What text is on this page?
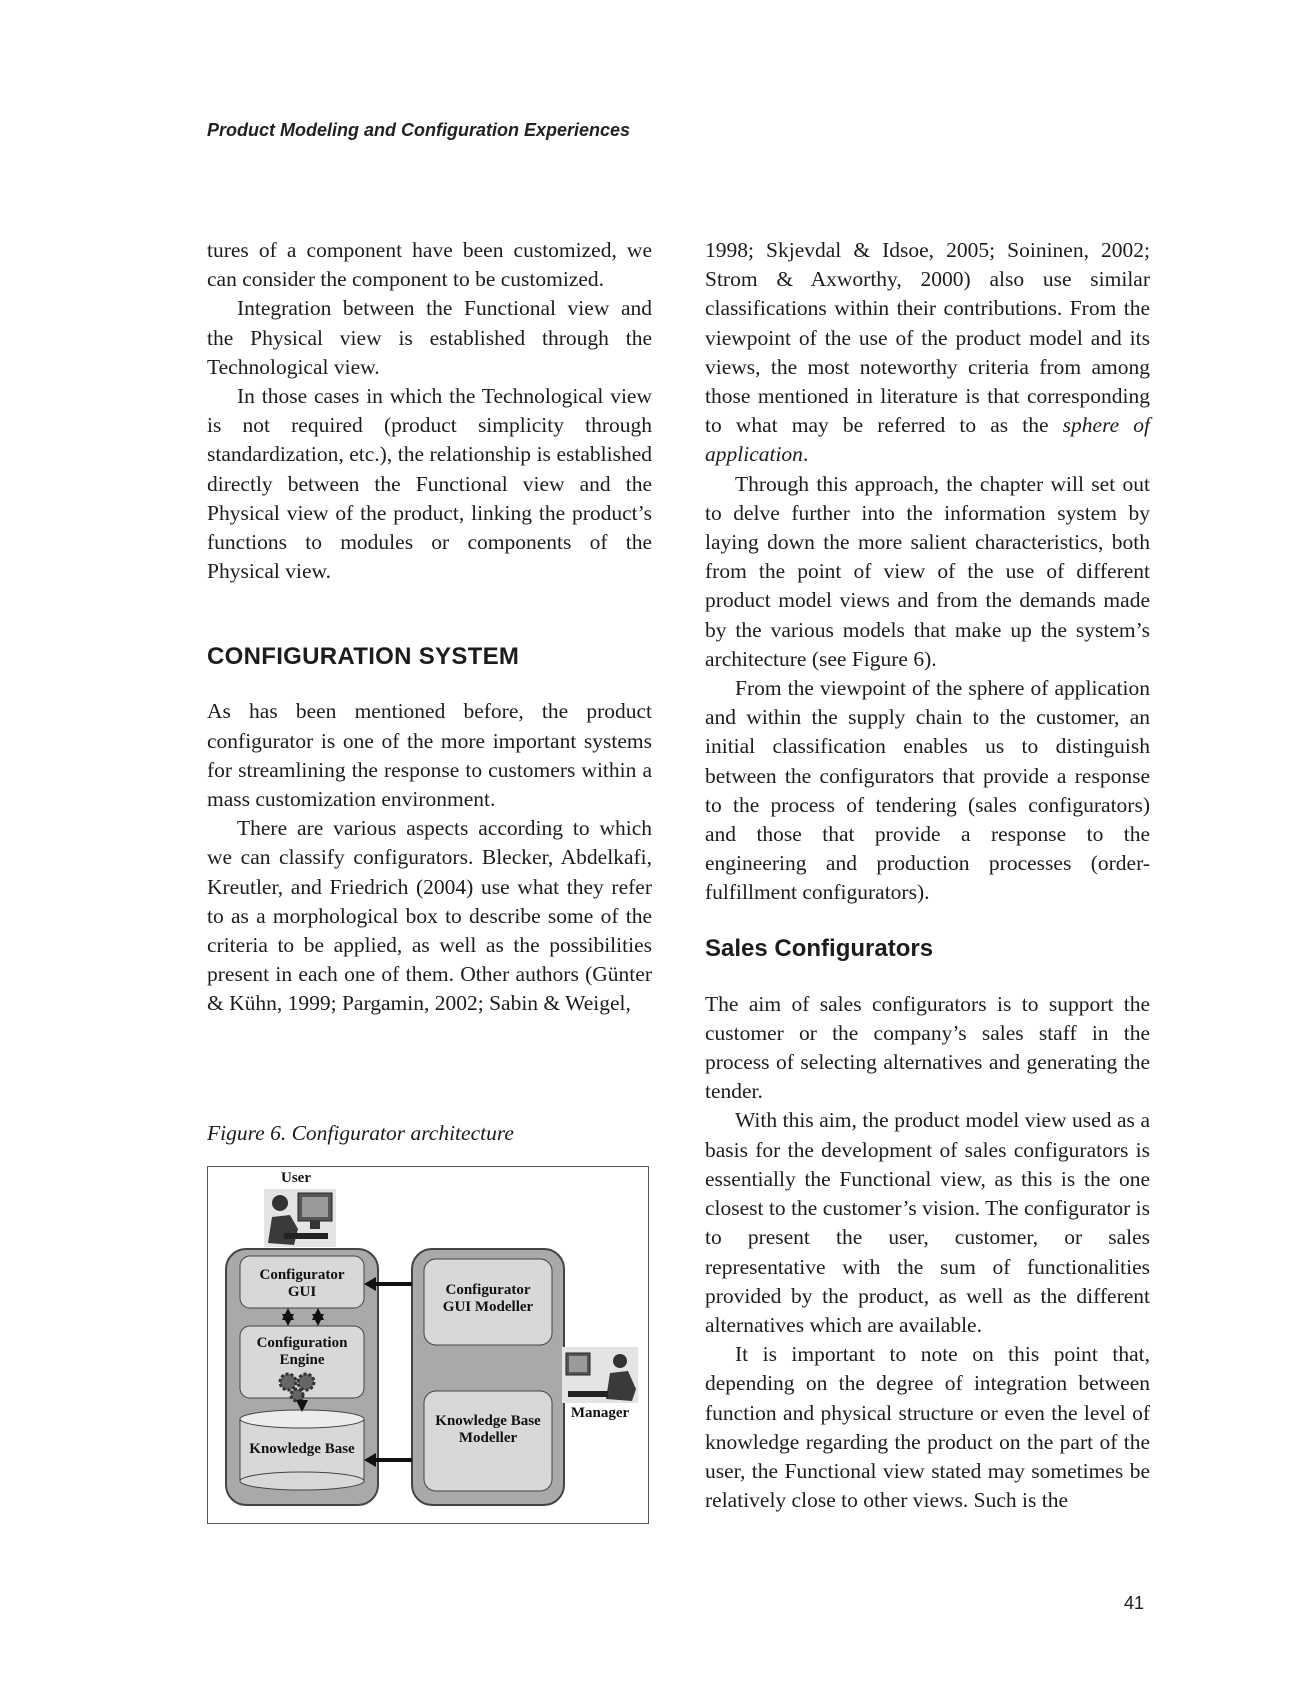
Product Modeling and Configuration Experiences

tures of a component have been customized, we can consider the component to be customized.

Integration between the Functional view and the Physical view is established through the Technological view.

In those cases in which the Technological view is not required (product simplicity through standardization, etc.), the relationship is established directly between the Functional view and the Physical view of the product, linking the product’s functions to modules or components of the Physical view.

CONFIGURATION SYSTEM

As has been mentioned before, the product configurator is one of the more important systems for streamlining the response to customers within a mass customization environment.

There are various aspects according to which we can classify configurators. Blecker, Abdelkafi, Kreutler, and Friedrich (2004) use what they refer to as a morphological box to describe some of the criteria to be applied, as well as the possibilities present in each one of them. Other authors (Günter & Kühn, 1999; Pargamin, 2002; Sabin & Weigel,

1998; Skjevdal & Idsoe, 2005; Soininen, 2002; Strom & Axworthy, 2000) also use similar classifications within their contributions. From the viewpoint of the use of the product model and its views, the most noteworthy criteria from among those mentioned in literature is that corresponding to what may be referred to as the sphere of application.

Through this approach, the chapter will set out to delve further into the information system by laying down the more salient characteristics, both from the point of view of the use of different product model views and from the demands made by the various models that make up the system’s architecture (see Figure 6).

From the viewpoint of the sphere of application and within the supply chain to the customer, an initial classification enables us to distinguish between the configurators that provide a response to the process of tendering (sales configurators) and those that provide a response to the engineering and production processes (order-fulfillment configurators).

Sales Configurators

The aim of sales configurators is to support the customer or the company’s sales staff in the process of selecting alternatives and generating the tender.

With this aim, the product model view used as a basis for the development of sales configurators is essentially the Functional view, as this is the one closest to the customer’s vision. The configurator is to present the user, customer, or sales representative with the sum of functionalities provided by the product, as well as the different alternatives which are available.

It is important to note on this point that, depending on the degree of integration between function and physical structure or even the level of knowledge regarding the product on the part of the user, the Functional view stated may sometimes be relatively close to other views. Such is the

Figure 6. Configurator architecture
User
Configurator GUI
Configuration Engine
Knowledge Base
Configurator GUI Modeller
Knowledge Base Modeller
Manager
41
